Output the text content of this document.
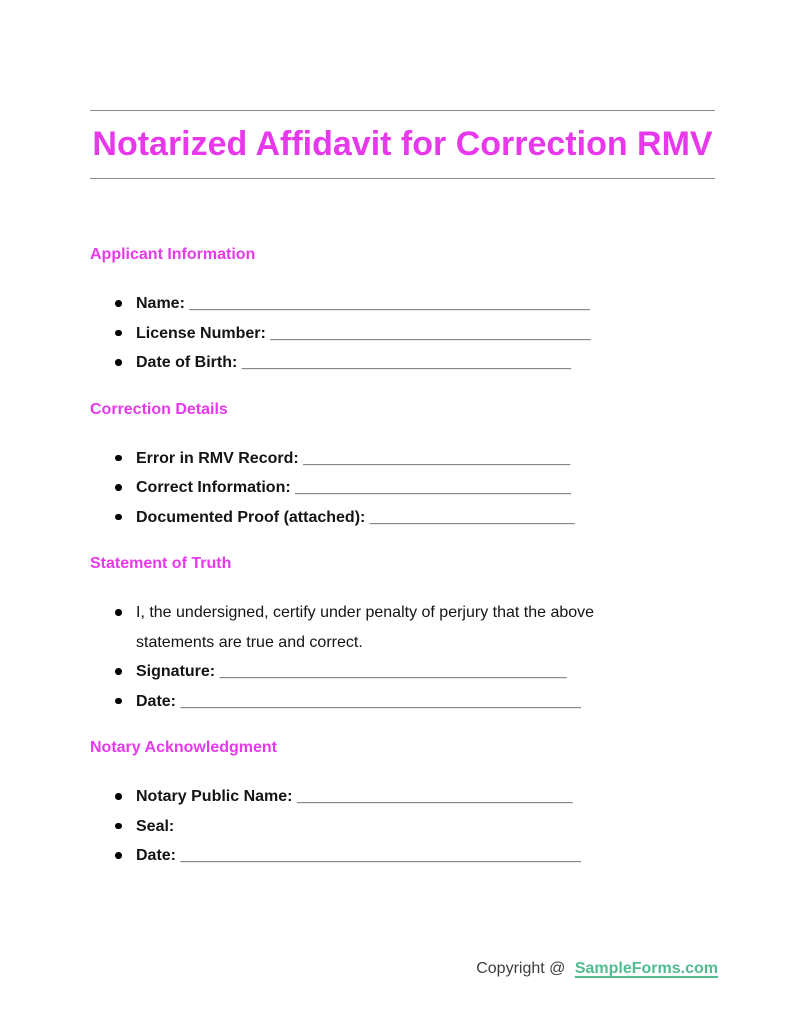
Notarized Affidavit for Correction RMV
Applicant Information
Name: _____________________________________________
License Number: ____________________________________
Date of Birth: _____________________________________
Correction Details
Error in RMV Record: ______________________________
Correct Information: _______________________________
Documented Proof (attached): _______________________
Statement of Truth
I, the undersigned, certify under penalty of perjury that the above statements are true and correct.
Signature: _______________________________________
Date: _____________________________________________
Notary Acknowledgment
Notary Public Name: _______________________________
Seal:
Date: _____________________________________________
Copyright @ SampleForms.com
